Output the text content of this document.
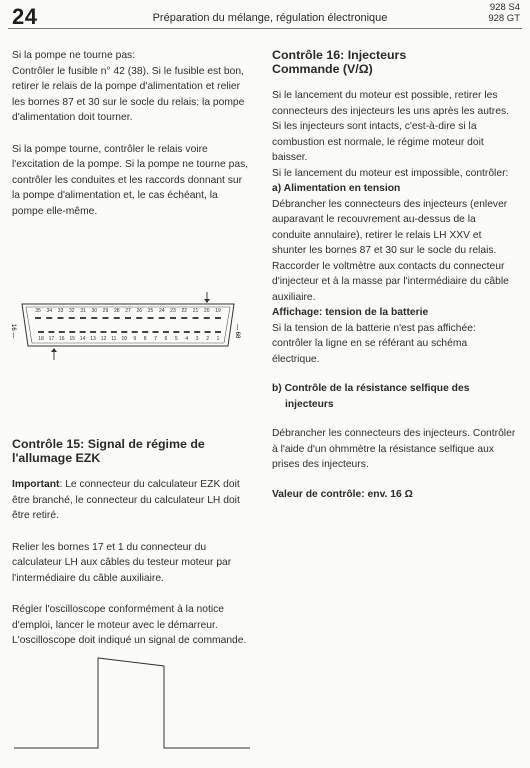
24	Préparation du mélange, régulation électronique
928 S4
928 GT

Si la pompe ne tourne pas:

Contrôler le fusible n° 42 (38). Si le fusible est bon, retirer le relais de la pompe d'alimentation et relier les bornes 87 et 30 sur le socle du relais: la pompe d'alimentation doit tourner.

Si la pompe tourne, contrôler le relais voire l'excitation de la pompe. Si la pompe ne tourne pas, contrôler les conduites et les raccords donnant sur la pompe d'alimentation et, le cas échéant, la pompe elle-même.

16 —	— 68
35 34 33 32 31 30 29 28 27 26 25 24 23 22 21 20 19
18 17 16 15 14 13 12 11 10 9 8 7 6 5 4 3 2 1
Contrôle 15: Signal de régime de
l'allumage EZK

Important: Le connecteur du calculateur EZK doit être branché, le connecteur du calculateur LH doit être retiré.

Relier les bornes 17 et 1 du connecteur du calculateur LH aux câbles du testeur moteur par l'intermédiaire du câble auxiliaire.

Régler l'oscilloscope conformément à la notice d'emploi, lancer le moteur avec le démarreur. L'oscilloscope doit indiqué un signal de commande.

Contrôle 16: Injecteurs
Commande (V/Ω)

Si le lancement du moteur est possible, retirer les connecteurs des injecteurs les uns après les autres. Si les injecteurs sont intacts, c'est-à-dire si la combustion est normale, le régime moteur doit baisser.

Si le lancement du moteur est impossible, contrôler:

a) Alimentation en tension

Débrancher les connecteurs des injecteurs (enlever auparavant le recouvrement au-dessus de la conduite annulaire), retirer le relais LH XXV et shunter les bornes 87 et 30 sur le socle du relais. Raccorder le voltmètre aux contacts du connecteur d'injecteur et à la masse par l'intermédiaire du câble auxiliaire.

Affichage: tension de la batterie

Si la tension de la batterie n'est pas affichée: contrôler la ligne en se référant au schéma électrique.

b) Contrôle de la résistance selfique des
injecteurs

Débrancher les connecteurs des injecteurs. Contrôler à l'aide d'un ohmmètre la résistance selfique aux prises des injecteurs.

Valeur de contrôle: env. 16 Ω
